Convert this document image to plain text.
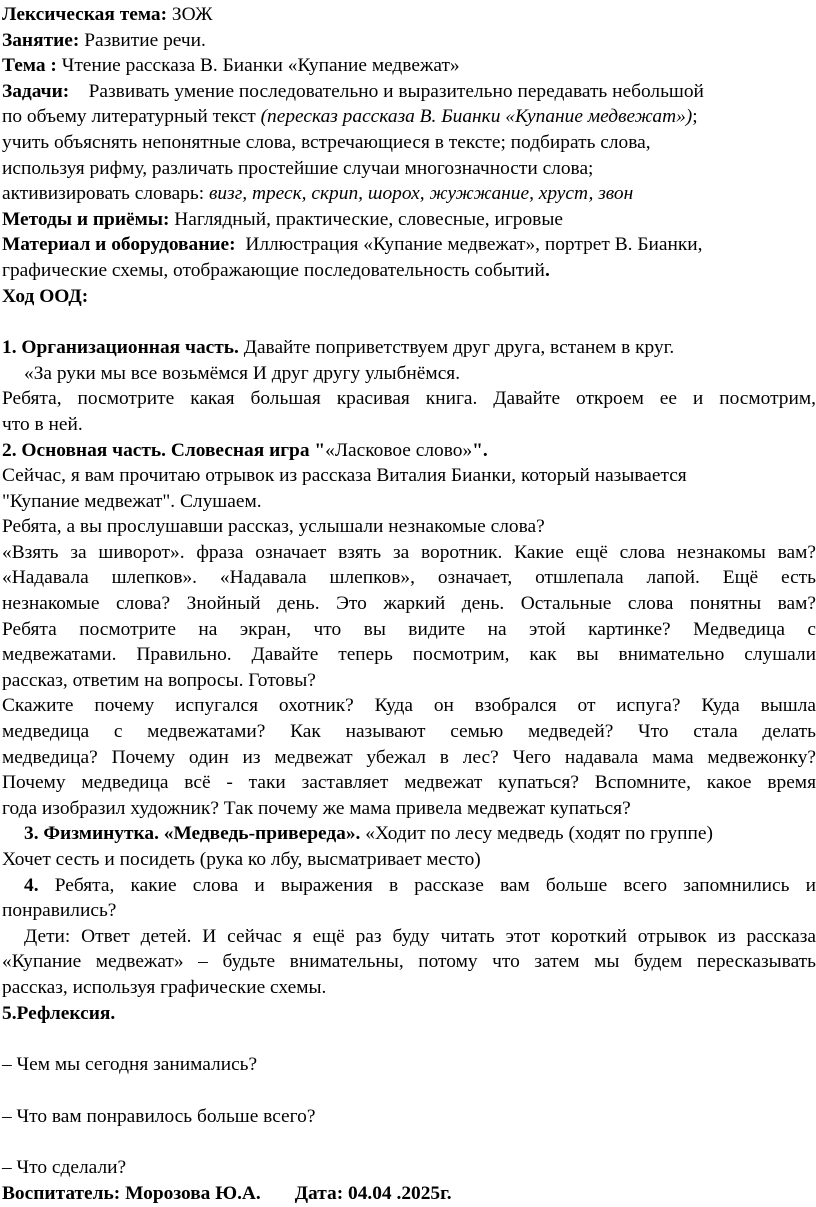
Лексическая тема: ЗОЖ

Занятие: Развитие речи.

Тема : Чтение рассказа В. Бианки «Купание медвежат»

Задачи:    Развивать умение последовательно и выразительно передавать небольшой

по объему литературный текст (пересказ рассказа В. Бианки «Купание медвежат»);

учить объяснять непонятные слова, встречающиеся в тексте; подбирать слова,

используя рифму, различать простейшие случаи многозначности слова;

активизировать словарь: визг, треск, скрип, шорох, жужжание, хруст, звон

Методы и приёмы: Наглядный, практические, словесные, игровые

Материал и оборудование:  Иллюстрация «Купание медвежат», портрет В. Бианки,

графические схемы, отображающие последовательность событий.

Ход ООД:

1. Организационная часть. Давайте поприветствуем друг друга, встанем в круг.

«За руки мы все возьмёмся И друг другу улыбнёмся.

Ребята, посмотрите какая большая красивая книга. Давайте откроем ее и посмотрим,

что в ней.

2. Основная часть. Словесная игра "«Ласковое слово»".

Сейчас, я вам прочитаю отрывок из рассказа Виталия Бианки, который называется

"Купание медвежат". Слушаем.

Ребята, а вы прослушавши рассказ, услышали незнакомые слова?

«Взять за шиворот». фраза означает взять за воротник. Какие ещё слова незнакомы вам?

«Надавала шлепков». «Надавала шлепков», означает, отшлепала лапой. Ещё есть

незнакомые слова? Знойный день. Это жаркий день. Остальные слова понятны вам?

Ребята посмотрите на экран, что вы видите на этой картинке? Медведица с

медвежатами. Правильно. Давайте теперь посмотрим, как вы внимательно слушали

рассказ, ответим на вопросы. Готовы?

Скажите почему испугался охотник? Куда он взобрался от испуга? Куда вышла

медведица с медвежатами? Как называют семью медведей? Что стала делать

медведица? Почему один из медвежат убежал в лес? Чего надавала мама медвежонку?

Почему медведица всё - таки заставляет медвежат купаться? Вспомните, какое время

года изобразил художник? Так почему же мама привела медвежат купаться?

3. Физминутка. «Медведь-привереда». «Ходит по лесу медведь (ходят по группе)

Хочет сесть и посидеть (рука ко лбу, высматривает место)

4. Ребята, какие слова и выражения в рассказе вам больше всего запомнились и

понравились?

Дети: Ответ детей. И сейчас я ещё раз буду читать этот короткий отрывок из рассказа

«Купание медвежат» – будьте внимательны, потому что затем мы будем пересказывать

рассказ, используя графические схемы.

5.Рефлексия.

– Чем мы сегодня занимались?

– Что вам понравилось больше всего?

– Что сделали?

Воспитатель: Морозова Ю.А. Дата: 04.04 .2025г.
